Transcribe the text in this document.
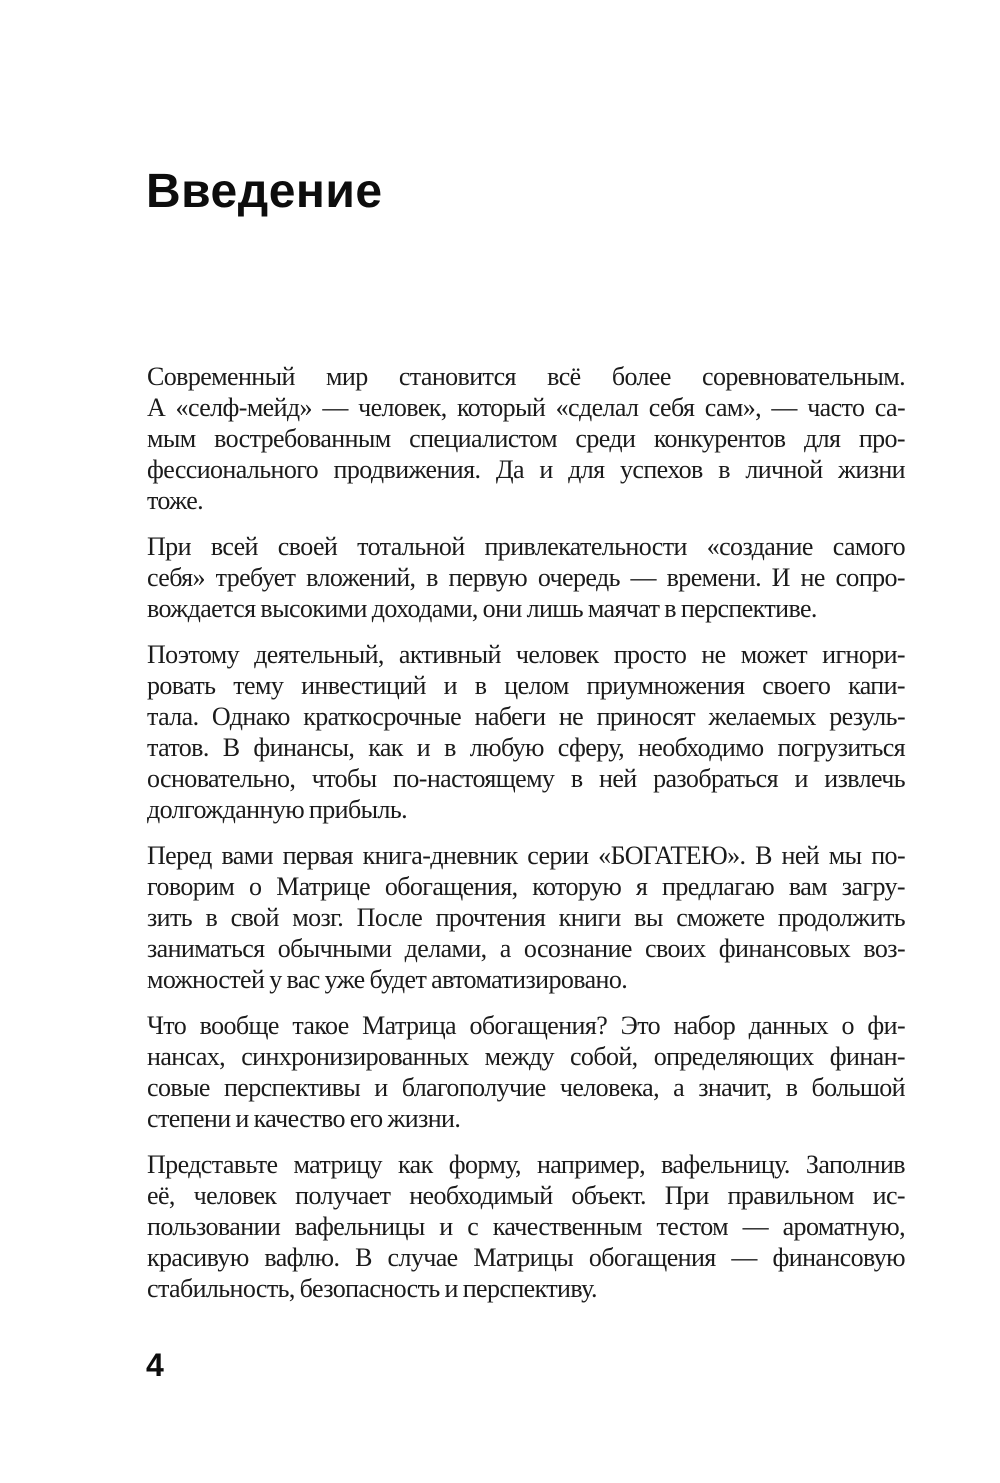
Введение
Современный мир становится всё более соревновательным.
А «селф-мейд» — человек, который «сделал себя сам», — часто са-
мым востребованным специалистом среди конкурентов для про-
фессионального продвижения. Да и для успехов в личной жизни
тоже.
При всей своей тотальной привлекательности «создание самого
себя» требует вложений, в первую очередь — времени. И не сопро-
вождается высокими доходами, они лишь маячат в перспективе.
Поэтому деятельный, активный человек просто не может игнори-
ровать тему инвестиций и в целом приумножения своего капи-
тала. Однако краткосрочные набеги не приносят желаемых резуль-
татов. В финансы, как и в любую сферу, необходимо погрузиться
основательно, чтобы по-настоящему в ней разобраться и извлечь
долгожданную прибыль.
Перед вами первая книга-дневник серии «БОГАТЕЮ». В ней мы по-
говорим о Матрице обогащения, которую я предлагаю вам загру-
зить в свой мозг. После прочтения книги вы сможете продолжить
заниматься обычными делами, а осознание своих финансовых воз-
можностей у вас уже будет автоматизировано.
Что вообще такое Матрица обогащения? Это набор данных о фи-
нансах, синхронизированных между собой, определяющих финан-
совые перспективы и благополучие человека, а значит, в большой
степени и качество его жизни.
Представьте матрицу как форму, например, вафельницу. Заполнив
её, человек получает необходимый объект. При правильном ис-
пользовании вафельницы и с качественным тестом — ароматную,
красивую вафлю. В случае Матрицы обогащения — финансовую
стабильность, безопасность и перспективу.
4
